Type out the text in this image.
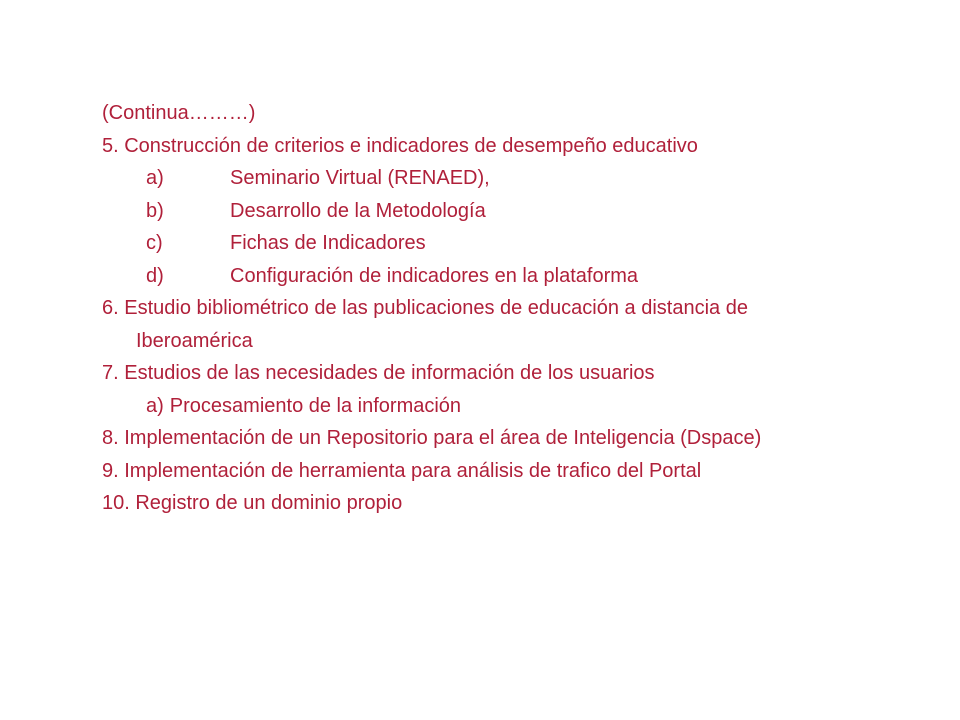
(Continua………)
5. Construcción de criterios e indicadores de desempeño educativo
a)	Seminario Virtual (RENAED),
b)	Desarrollo de la Metodología
c)	Fichas de Indicadores
d)	Configuración de indicadores en la plataforma
6. Estudio bibliométrico de las publicaciones de educación a distancia de
Iberoamérica
7. Estudios de las necesidades de información de los usuarios
a) Procesamiento de la información
8. Implementación de un Repositorio para el área de Inteligencia (Dspace)
9. Implementación de herramienta para análisis de trafico del Portal
10. Registro de un dominio propio
